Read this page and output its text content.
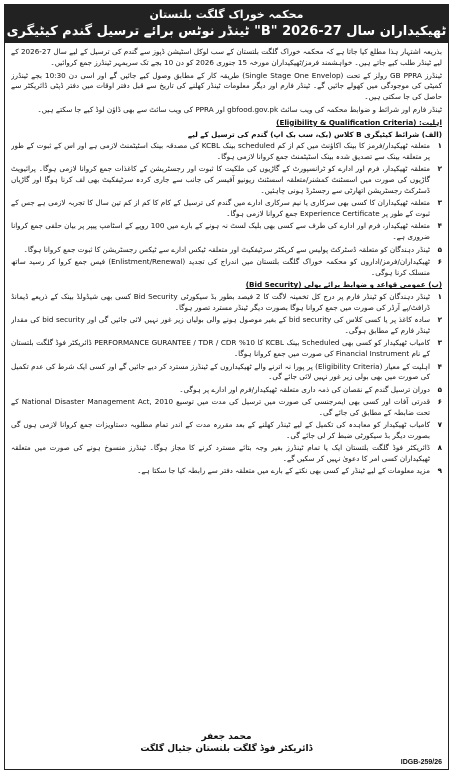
محکمہ خوراک گلگت بلتستان
ٹینڈر نوٹس برائے ترسیل گندم کیٹیگری "B" ٹھیکیداران سال 27-2026

بذریعہ اشتہار ہذا مطلع کیا جاتا ہے کہ محکمہ خوراک گلگت بلتستان کے سب لوکل اسٹیشن ڈپوز سے گندم کی ترسیل کے لیے سال 27-2026 کے لیے ٹینڈر طلب کیے جاتے ہیں۔ خواہشمند فرمز/ٹھیکیداران مورخہ 15 جنوری 2026 کو دن 10 بجے تک سربمہر ٹینڈرز جمع کروائیں۔

ٹینڈرز GB PPRA رولز کے تحت (Single Stage One Envelop) طریقہ کار کے مطابق وصول کیے جائیں گے اور اسی دن 10:30 بجے ٹینڈرز کمیٹی کی موجودگی میں کھولے جائیں گے۔ ٹینڈر فارم اور دیگر معلومات ٹینڈر کھلنے کی تاریخ سے قبل دفتر اوقات میں دفتر ڈپٹی ڈائریکٹر سے حاصل کی جا سکتی ہیں۔

ٹینڈر فارم اور شرائط و ضوابط محکمہ کی ویب سائٹ gbfood.gov.pk اور PPRA کی ویب سائٹ سے بھی ڈاؤن لوڈ کیے جا سکتے ہیں۔

اہلیت: (Eligibility & Qualification Criteria)
(الف) شرائط کیٹیگری B کلاس (بک، سب بک اپ) گندم کی ترسیل کے لیے
۱
متعلقہ ٹھیکیدار/فرمز کا بینک اکاؤنٹ میں کم از کم scheduled بینک KCBL کی مصدقہ بینک اسٹیٹمنٹ لازمی ہے اور اس کے ثبوت کے طور پر متعلقہ بینک سے تصدیق شدہ بینک اسٹیٹمنٹ جمع کروانا لازمی ہوگا۔
۲
متعلقہ ٹھیکیدار، فرم اور ادارے کو ٹرانسپورٹ کے گاڑیوں کی ملکیت کا ثبوت اور رجسٹریشن کے کاغذات جمع کروانا لازمی ہوگا۔ پرائیویٹ گاڑیوں کی صورت میں اسسٹنٹ کمشنر/متعلقہ اسسٹنٹ ریونیو آفیسر کی جانب سے جاری کردہ سرٹیفکیٹ بھی لف کرنا ہوگا اور گاڑیاں ڈسٹرکٹ رجسٹریشن اتھارٹی سے رجسٹرڈ ہونی چاہئیں۔
۳
متعلقہ ٹھیکیداران کا کسی بھی سرکاری یا نیم سرکاری ادارے میں گندم کی ترسیل کے کام کا کم از کم تین سال کا تجربہ لازمی ہے جس کے ثبوت کے طور پر Experience Certificate جمع کروانا لازمی ہوگا۔
۴
متعلقہ ٹھیکیدار، فرم اور ادارے کی طرف سے کسی بھی بلیک لسٹ نہ ہونے کے بارے میں 100 روپے کے اسٹامپ پیپر پر بیان حلفی جمع کروانا ضروری ہے۔
۵
ٹینڈر دہندگان کو متعلقہ ڈسٹرکٹ پولیس سے کریکٹر سرٹیفکیٹ اور متعلقہ ٹیکس ادارے سے ٹیکس رجسٹریشن کا ثبوت جمع کروانا ہوگا۔
۶
ٹھیکیداران/فرمز/اداروں کو محکمہ خوراک گلگت بلتستان میں اندراج کی تجدید (Enlistment/Renewal) فیس جمع کروا کر رسید ساتھ منسلک کرنا ہوگی۔
(ب) عمومی قواعد و ضوابط برائے بولی (Bid Security)
۱
ٹینڈر دہندگان کو ٹینڈر فارم پر درج کل تخمینہ لاگت کا 2 فیصد بطور بڈ سیکورٹی Bid Security کسی بھی شیڈولڈ بینک کے ذریعے ڈیمانڈ ڈرافٹ/پے آرڈر کی صورت میں جمع کروانا ہوگا بصورت دیگر ٹینڈر مسترد تصور ہوگا۔
۲
سادہ کاغذ پر یا کسی کلاس کی bid security کے بغیر موصول ہونے والی بولیاں زیر غور نہیں لائی جائیں گی اور bid security کی مقدار ٹینڈر فارم کے مطابق ہوگی۔
۳
کامیاب ٹھیکیدار کو کسی بھی Scheduled بینک KCBL کا 10% PERFORMANCE GURANTEE / TDR / CDR ڈائریکٹر فوڈ گلگت بلتستان کے نام Financial Instrument کی صورت میں جمع کروانا ہوگا۔
۴
اہلیت کے معیار (Eligibility Criteria) پر پورا نہ اترنے والے ٹھیکیداروں کے ٹینڈرز مسترد کر دیے جائیں گے اور کسی ایک شرط کی عدم تکمیل کی صورت میں بھی بولی زیر غور نہیں لائی جائے گی۔
۵
دوران ترسیل گندم کے نقصان کی ذمہ داری متعلقہ ٹھیکیدار/فرم اور ادارے پر ہوگی۔
۶
قدرتی آفات اور کسی بھی ایمرجنسی کی صورت میں ترسیل کی مدت میں توسیع National Disaster Management Act, 2010 کے تحت ضابطہ کے مطابق کی جائے گی۔
۷
کامیاب ٹھیکیدار کو معاہدہ کی تکمیل کے لیے ٹینڈر کھلنے کے بعد مقررہ مدت کے اندر تمام مطلوبہ دستاویزات جمع کروانا لازمی ہوں گی بصورت دیگر بڈ سیکورٹی ضبط کر لی جائے گی۔
۸
ڈائریکٹر فوڈ گلگت بلتستان ایک یا تمام ٹینڈرز بغیر وجہ بتائے مسترد کرنے کا مجاز ہوگا۔ ٹینڈرز منسوخ ہونے کی صورت میں متعلقہ ٹھیکیداران کسی امر کا دعویٰ نہیں کر سکیں گے۔
۹
مزید معلومات کے لیے ٹینڈر کے کسی بھی نکتے کے بارے میں متعلقہ دفتر سے رابطہ کیا جا سکتا ہے۔
محمد جعفر
ڈائریکٹر فوڈ گلگت بلتستان جٹیال گلگت
IDGB-259/26
